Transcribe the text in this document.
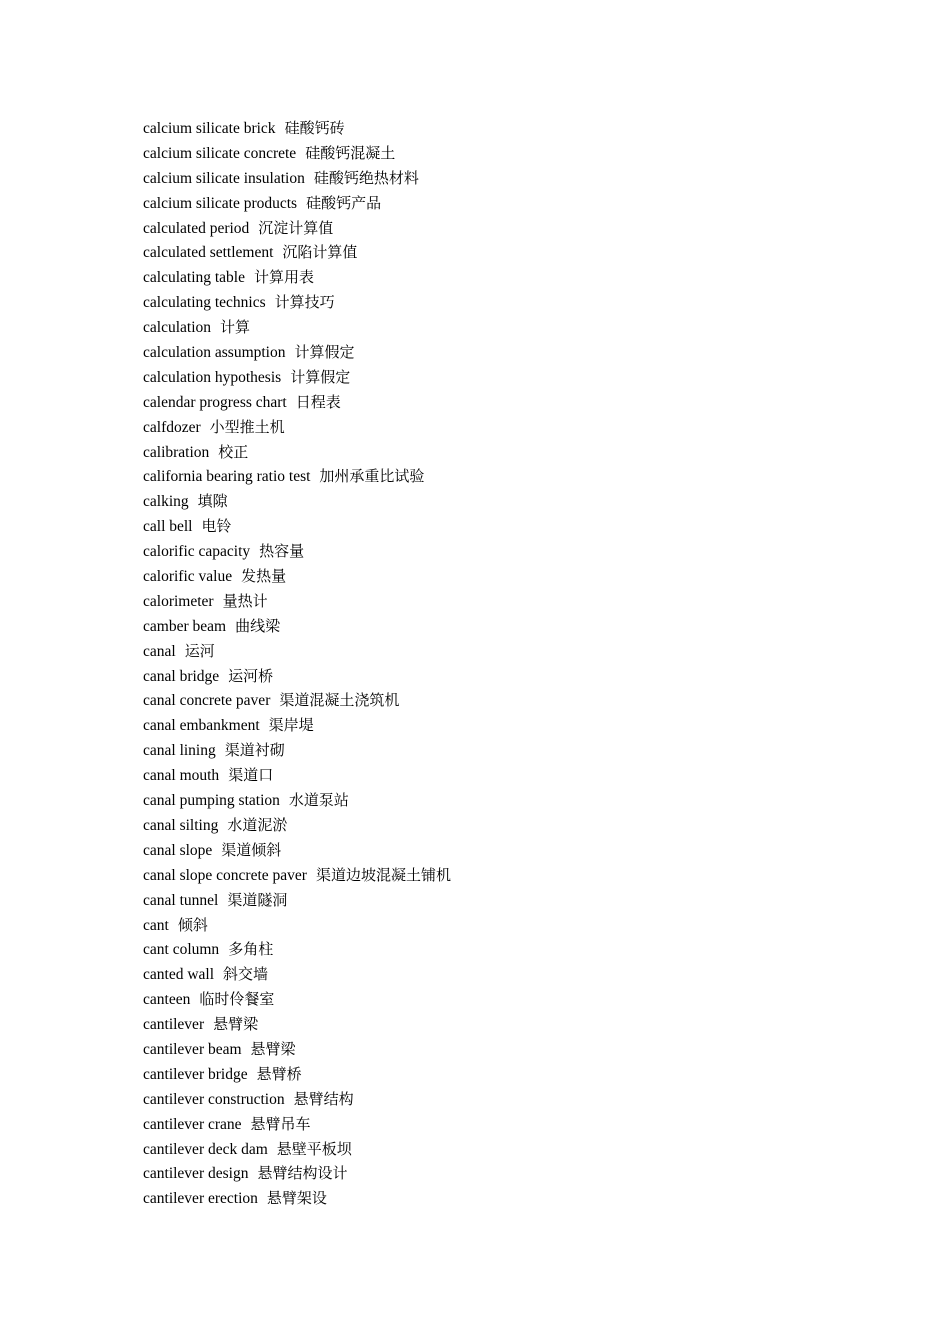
calcium silicate brick 硅酸钙砖
calcium silicate concrete 硅酸钙混凝土
calcium silicate insulation 硅酸钙绝热材料
calcium silicate products 硅酸钙产品
calculated period 沉淀计算值
calculated settlement 沉陷计算值
calculating table 计算用表
calculating technics 计算技巧
calculation 计算
calculation assumption 计算假定
calculation hypothesis 计算假定
calendar progress chart 日程表
calfdozer 小型推土机
calibration 校正
california bearing ratio test 加州承重比试验
calking 填隙
call bell 电铃
calorific capacity 热容量
calorific value 发热量
calorimeter 量热计
camber beam 曲线梁
canal 运河
canal bridge 运河桥
canal concrete paver 渠道混凝土浇筑机
canal embankment 渠岸堤
canal lining 渠道衬砌
canal mouth 渠道口
canal pumping station 水道泵站
canal silting 水道泥淤
canal slope 渠道倾斜
canal slope concrete paver 渠道边坡混凝土铺机
canal tunnel 渠道隧洞
cant 倾斜
cant column 多角柱
canted wall 斜交墙
canteen 临时伶餐室
cantilever 悬臂梁
cantilever beam 悬臂梁
cantilever bridge 悬臂桥
cantilever construction 悬臂结构
cantilever crane 悬臂吊车
cantilever deck dam 悬壁平板坝
cantilever design 悬臂结构设计
cantilever erection 悬臂架设
